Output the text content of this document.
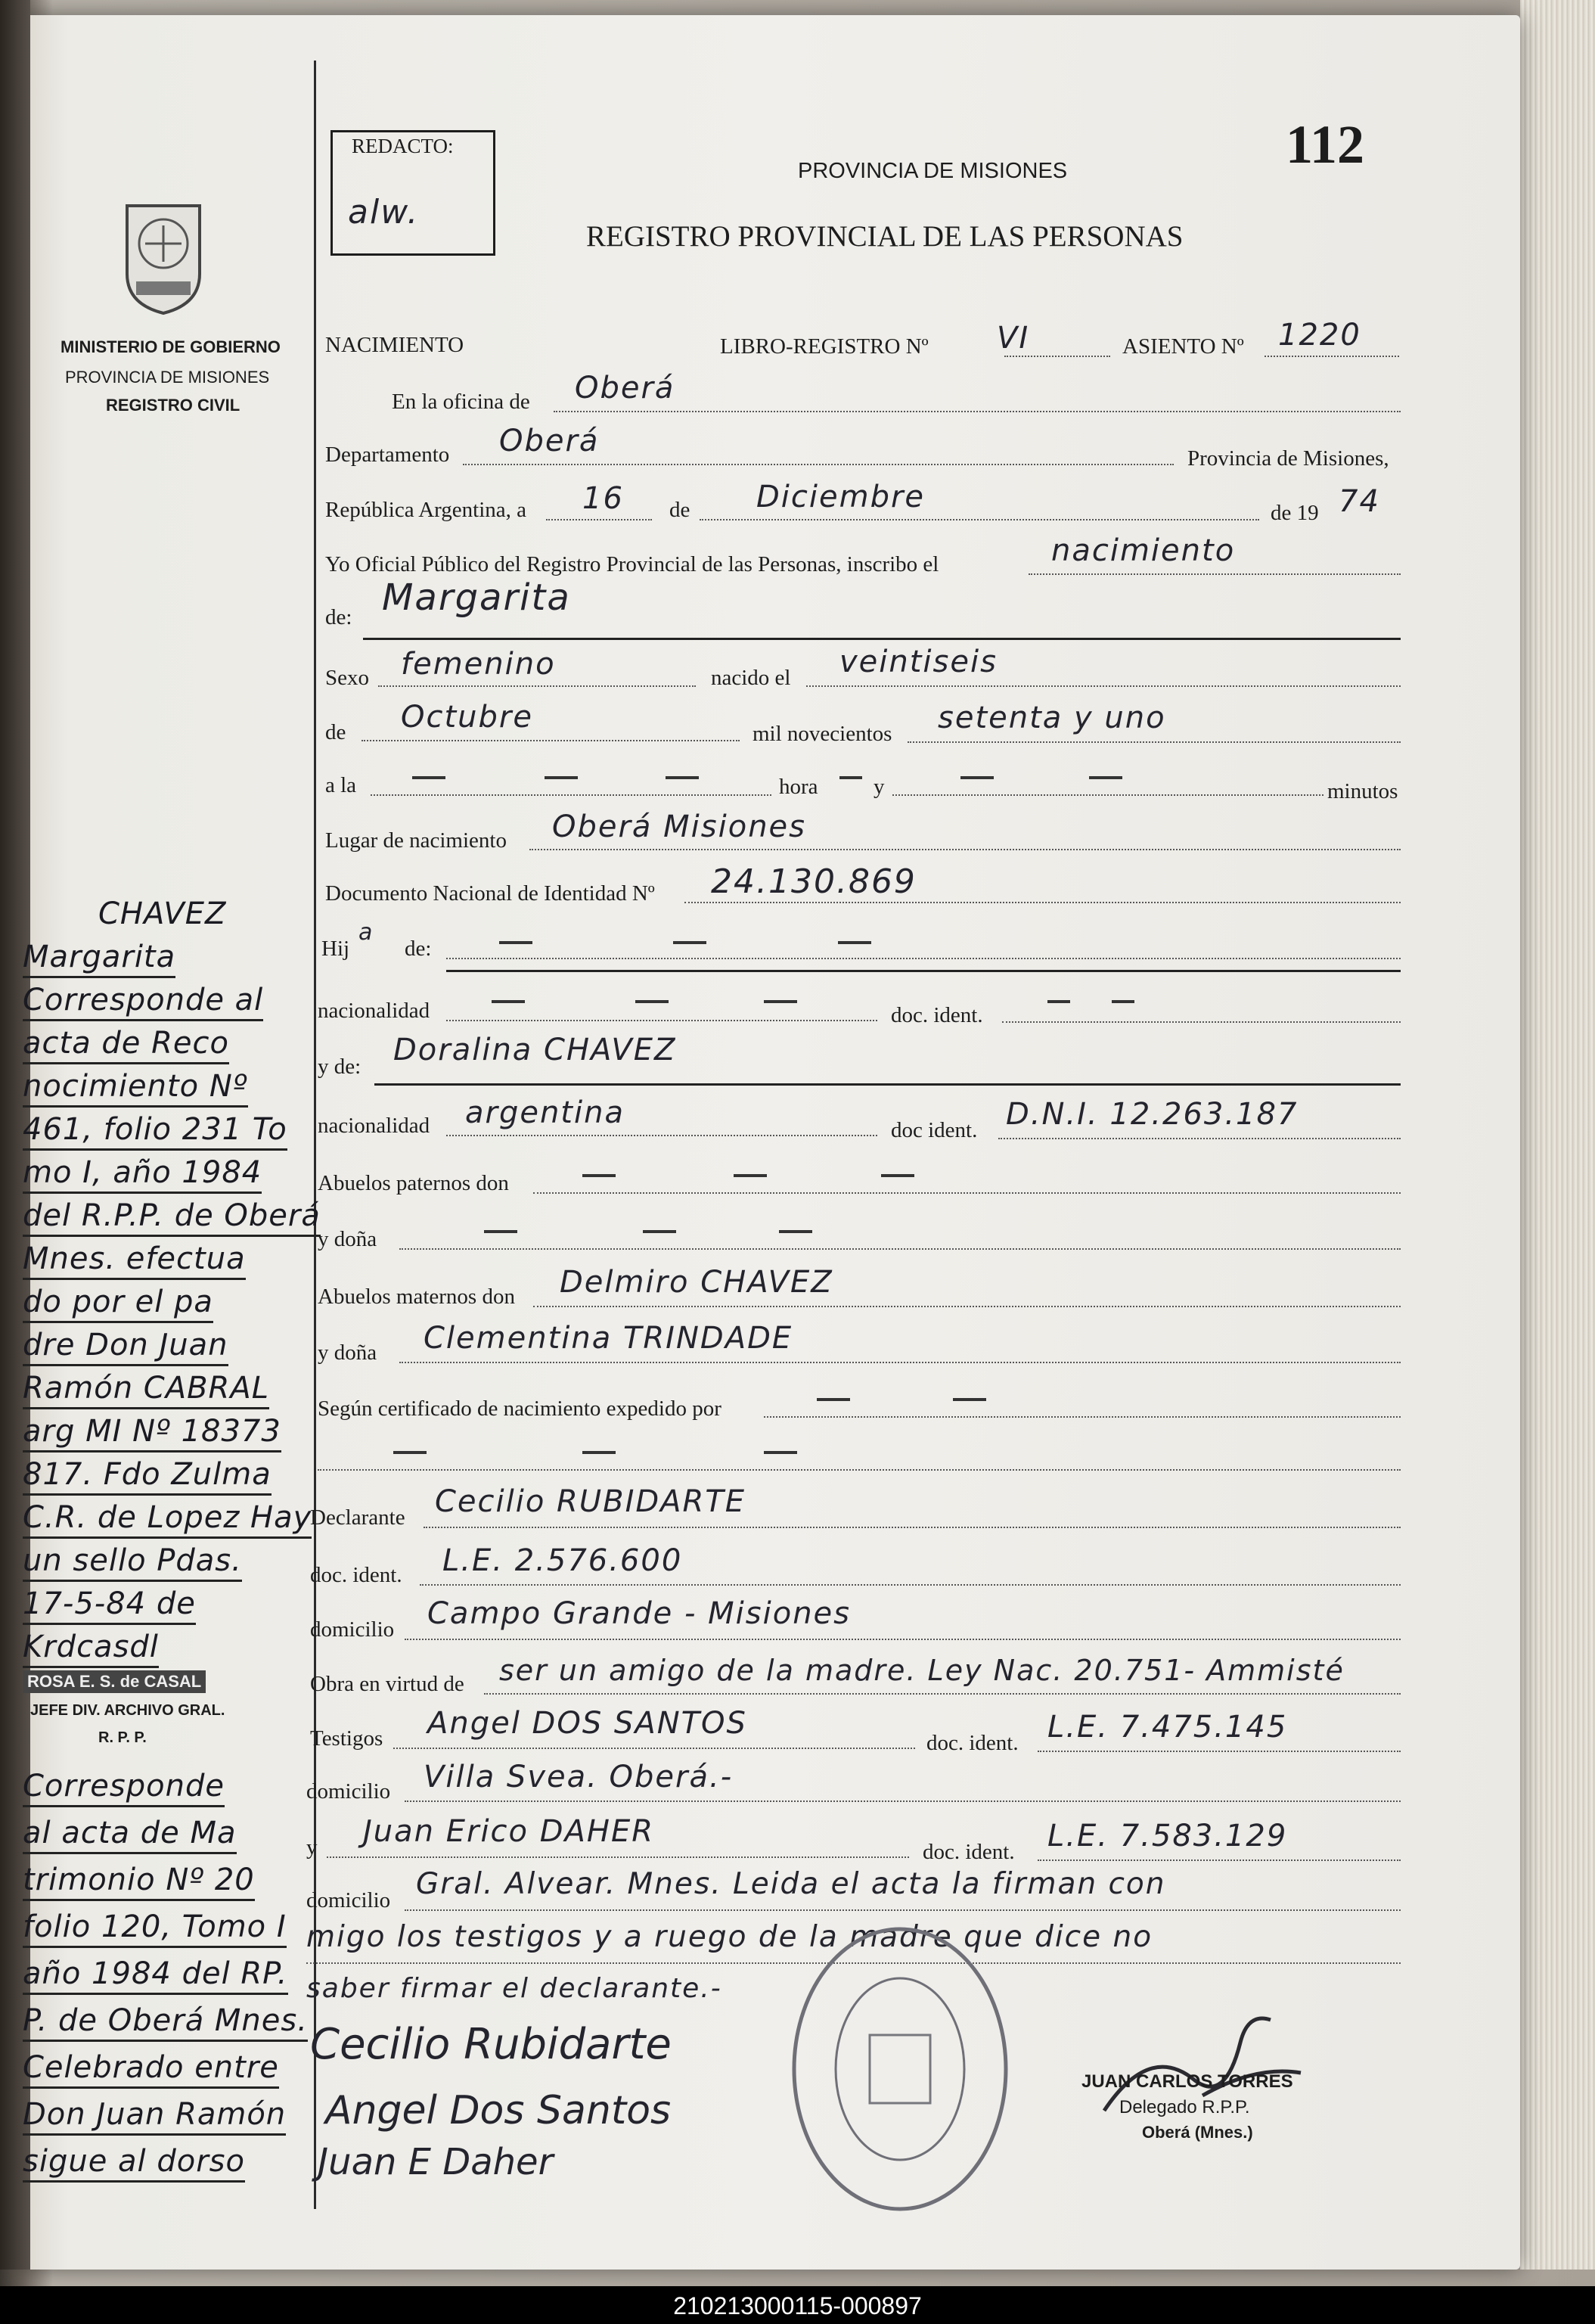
REDACTO:
alw.
112
PROVINCIA DE MISIONES
REGISTRO PROVINCIAL DE LAS PERSONAS
MINISTERIO DE GOBIERNO
PROVINCIA DE MISIONES
REGISTRO CIVIL
NACIMIENTO	LIBRO-REGISTRO Nº VI	ASIENTO Nº 1220
En la oficina de Oberá
Departamento Oberá	Provincia de Misiones,
República Argentina, a 16 de Diciembre	de 19 74
Yo Oficial Público del Registro Provincial de las Personas, inscribo el	nacimiento
de: Margarita
Sexo femenino	nacido el veintiseis
de Octubre	mil novecientos setenta y uno
a la	hora	y	minutos
Lugar de nacimiento Oberá Misiones
Documento Nacional de Identidad Nº 24.130.869
Hij
a
de:
nacionalidad	doc. ident.
y de: Doralina CHAVEZ
nacionalidad argentina	doc ident. D.N.I. 12.263.187
Abuelos paternos don
y doña
Abuelos maternos don Delmiro CHAVEZ
y doña Clementina TRINDADE
Según certificado de nacimiento expedido por
Declarante Cecilio RUBIDARTE
doc. ident. L.E. 2.576.600
domicilio Campo Grande - Misiones
Obra en virtud de ser un amigo de la madre. Ley Nac. 20.751- Ammisté
Testigos Angel DOS SANTOS
doc. ident. L.E. 7.475.145
domicilio Villa Svea. Oberá.-
y Juan Erico DAHER
doc. ident. L.E. 7.583.129
domicilio Gral. Alvear. Mnes. Leida el acta la firman con
migo los testigos y a ruego de la madre que dice no
saber firmar el declarante.-
Cecilio Rubidarte
Angel Dos Santos
Juan E Daher
JUAN CARLOS TORRES
Delegado R.P.P.
Oberá (Mnes.)
CHAVEZ
Margarita
Corresponde al
acta de Reco
nocimiento Nº
461, folio 231 To
mo I, año 1984
del R.P.P. de Oberá
Mnes. efectua
do por el pa
dre Don Juan
Ramón CABRAL
arg MI Nº 18373
817. Fdo Zulma
C.R. de Lopez Hay
un sello Pdas.
17-5-84 de
Krdcasdl
Corresponde
al acta de Ma
trimonio Nº 20
folio 120, Tomo I
año 1984 del RP.
P. de Oberá Mnes.
Celebrado entre
Don Juan Ramón
sigue al dorso
ROSA E. S. de CASAL
JEFE DIV. ARCHIVO GRAL.
R. P. P.
210213000115-000897
